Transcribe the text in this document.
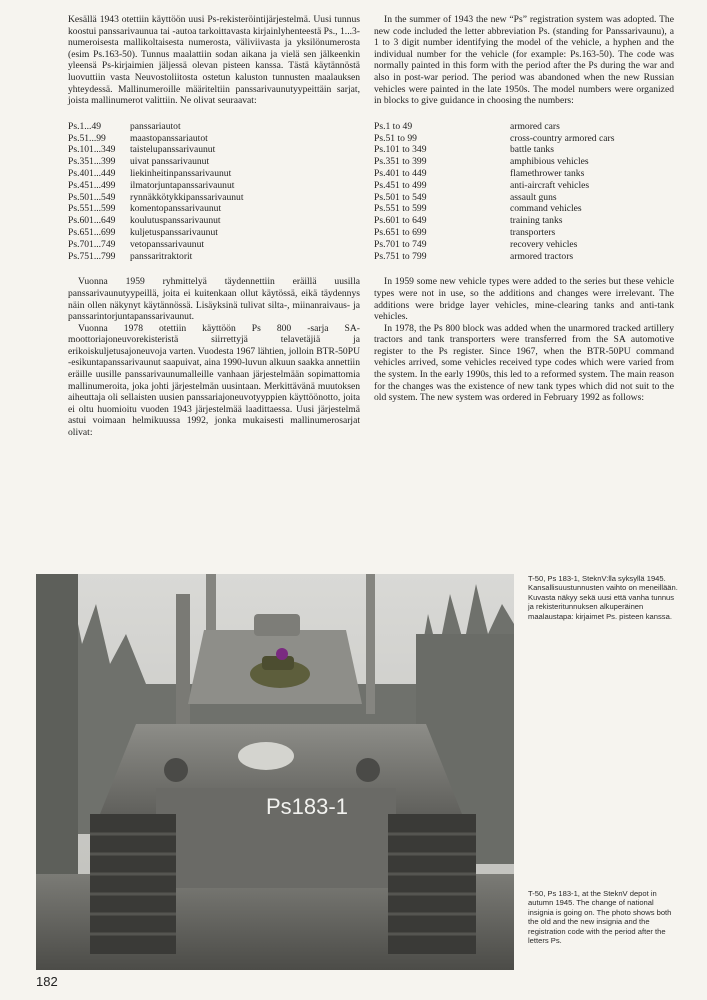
Kesällä 1943 otettiin käyttöön uusi Ps-rekisteröintijärjestelmä. Uusi tunnus koostui panssarivaunua tai -autoa tarkoittavasta kirjainlyhenteestä Ps., 1...3-numeroisesta mallikoltaisesta numerosta, väliviivasta ja yksilönumerosta (esim Ps.163-50). Tunnus maalattiin sodan aikana ja vielä sen jälkeenkin yleensä Ps-kirjaimien jäljessä olevan pisteen kanssa. Tästä käytännöstä luovuttiin vasta Neuvostoliitosta ostetun kaluston tunnusten maalauksen yhteydessä. Mallinumeroille määriteltiin panssarivaunutyypeittäin sarjat, joista mallinumerot valittiin. Ne olivat seuraavat:

Ps.1...49	panssariautot
Ps.51...99	maastopanssariautot
Ps.101...349	taistelupanssarivaunut
Ps.351...399	uivat panssarivaunut
Ps.401...449	liekinheitinpanssarivaunut
Ps.451...499	ilmatorjuntapanssarivaunut
Ps.501...549	rynnäkkötykkipanssarivaunut
Ps.551...599	komentopanssarivaunut
Ps.601...649	koulutuspanssarivaunut
Ps.651...699	kuljetuspanssarivaunut
Ps.701...749	vetopanssarivaunut
Ps.751...799	panssaritraktorit

Vuonna 1959 ryhmittelyä täydennettiin eräillä uusilla panssarivaunutyypeillä, joita ei kuitenkaan ollut käytössä, eikä täydennys näin ollen näkynyt käytännössä. Lisäyksinä tulivat silta-, miinanraivaus- ja panssarintorjuntapanssarivaunut.

Vuonna 1978 otettiin käyttöön Ps 800 -sarja SA-moottoriajoneuvorekisteristä siirrettyjä telavetäjiä ja erikoiskuljetusajoneuvoja varten. Vuodesta 1967 lähtien, jolloin BTR-50PU -esikuntapanssarivaunut saapuivat, aina 1990-luvun alkuun saakka annettiin eräille uusille panssarivaunumalleille vanhaan järjestelmään sopimattomia mallinumeroita, joka johti järjestelmän uusintaan. Merkittävänä muutoksen aiheuttaja oli sellaisten uusien panssariajoneuvotyyppien käyttöönotto, joita ei oltu huomioitu vuoden 1943 järjestelmää laadittaessa. Uusi järjestelmä astui voimaan helmikuussa 1992, jonka mukaisesti mallinumerosarjat olivat:

In the summer of 1943 the new “Ps” registration system was adopted. The new code included the letter abbreviation Ps. (standing for Panssarivaunu), a 1 to 3 digit number identifying the model of the vehicle, a hyphen and the individual number for the vehicle (for example: Ps.163-50). The code was normally painted in this form with the period after the Ps during the war and also in post-war period. The period was abandoned when the new Russian vehicles were painted in the late 1950s. The model numbers were organized in blocks to give guidance in choosing the numbers:

Ps.1 to 49	armored cars
Ps.51 to 99	cross-country armored cars
Ps.101 to 349	battle tanks
Ps.351 to 399	amphibious vehicles
Ps.401 to 449	flamethrower tanks
Ps.451 to 499	anti-aircraft vehicles
Ps.501 to 549	assault guns
Ps.551 to 599	command vehicles
Ps.601 to 649	training tanks
Ps.651 to 699	transporters
Ps.701 to 749	recovery vehicles
Ps.751 to 799	armored tractors

In 1959 some new vehicle types were added to the series but these vehicle types were not in use, so the additions and changes were irrelevant. The additions were bridge layer vehicles, mine-clearing tanks and anti-tank vehicles.

In 1978, the Ps 800 block was added when the unarmored tracked artillery tractors and tank transporters were transferred from the SA automotive register to the Ps register. Since 1967, when the BTR-50PU command vehicles arrived, some vehicles received type codes which were varied from the system. In the early 1990s, this led to a reformed system. The main reason for the changes was the existence of new tank types which did not suit to the old system. The new system was ordered in February 1992 as follows:

Ps183-1
T-50, Ps 183-1, SteknV:lla syksyllä 1945. Kansallisuustunnusten vaihto on meneillään. Kuvasta näkyy sekä uusi että vanha tunnus ja rekisteritunnuksen alkuperäinen maalaustapa: kirjaimet Ps. pisteen kanssa.
T-50, Ps 183-1, at the SteknV depot in autumn 1945. The change of national insignia is going on. The photo shows both the old and the new insignia and the registration code with the period after the letters Ps.
182
